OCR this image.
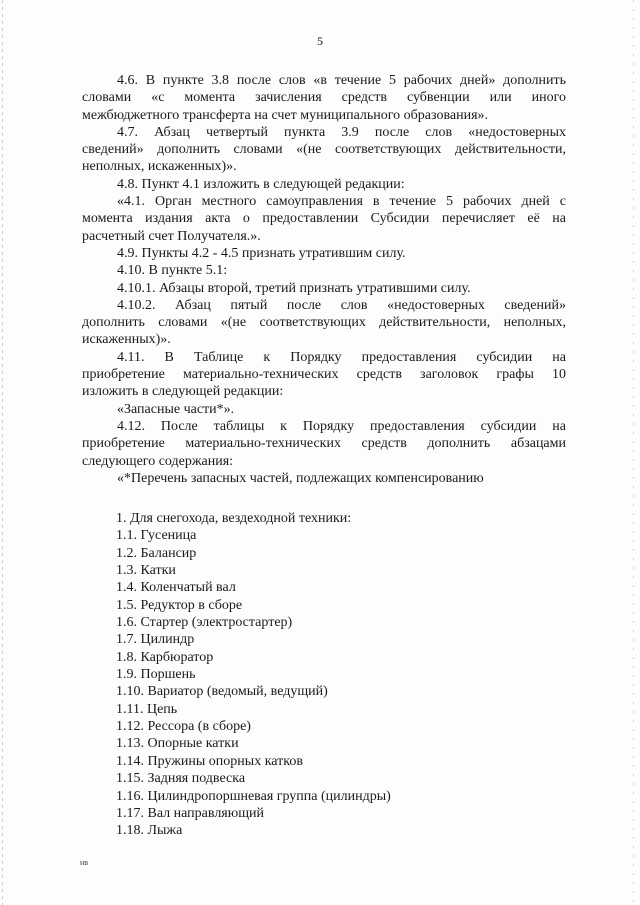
5

4.6. В пункте 3.8 после слов «в течение 5 рабочих дней» дополнить

словами «с момента зачисления средств субвенции или иного

межбюджетного трансферта на счет муниципального образования».

4.7. Абзац четвертый пункта 3.9 после слов «недостоверных

сведений» дополнить словами «(не соответствующих действительности,

неполных, искаженных)».

4.8. Пункт 4.1 изложить в следующей редакции:

«4.1. Орган местного самоуправления в течение 5 рабочих дней с

момента издания акта о предоставлении Субсидии перечисляет её на

расчетный счет Получателя.».

4.9. Пункты 4.2 - 4.5 признать утратившим силу.

4.10. В пункте 5.1:

4.10.1. Абзацы второй, третий признать утратившими силу.

4.10.2. Абзац пятый после слов «недостоверных сведений»

дополнить словами «(не соответствующих действительности, неполных,

искаженных)».

4.11. В Таблице к Порядку предоставления субсидии на

приобретение материально-технических средств заголовок графы 10

изложить в следующей редакции:

«Запасные части*».

4.12. После таблицы к Порядку предоставления субсидии на

приобретение материально-технических средств дополнить абзацами

следующего содержания:

«*Перечень запасных частей, подлежащих компенсированию

1. Для снегохода, вездеходной техники:
1.1. Гусеница
1.2. Балансир
1.3. Катки
1.4. Коленчатый вал
1.5. Редуктор в сборе
1.6. Стартер (электростартер)
1.7. Цилиндр
1.8. Карбюратор
1.9. Поршень
1.10. Вариатор (ведомый, ведущий)
1.11. Цепь
1.12. Рессора (в сборе)
1.13. Опорные катки
1.14. Пружины опорных катков
1.15. Задняя подвеска
1.16. Цилиндропоршневая группа (цилиндры)
1.17. Вал направляющий
1.18. Лыжа
нв
